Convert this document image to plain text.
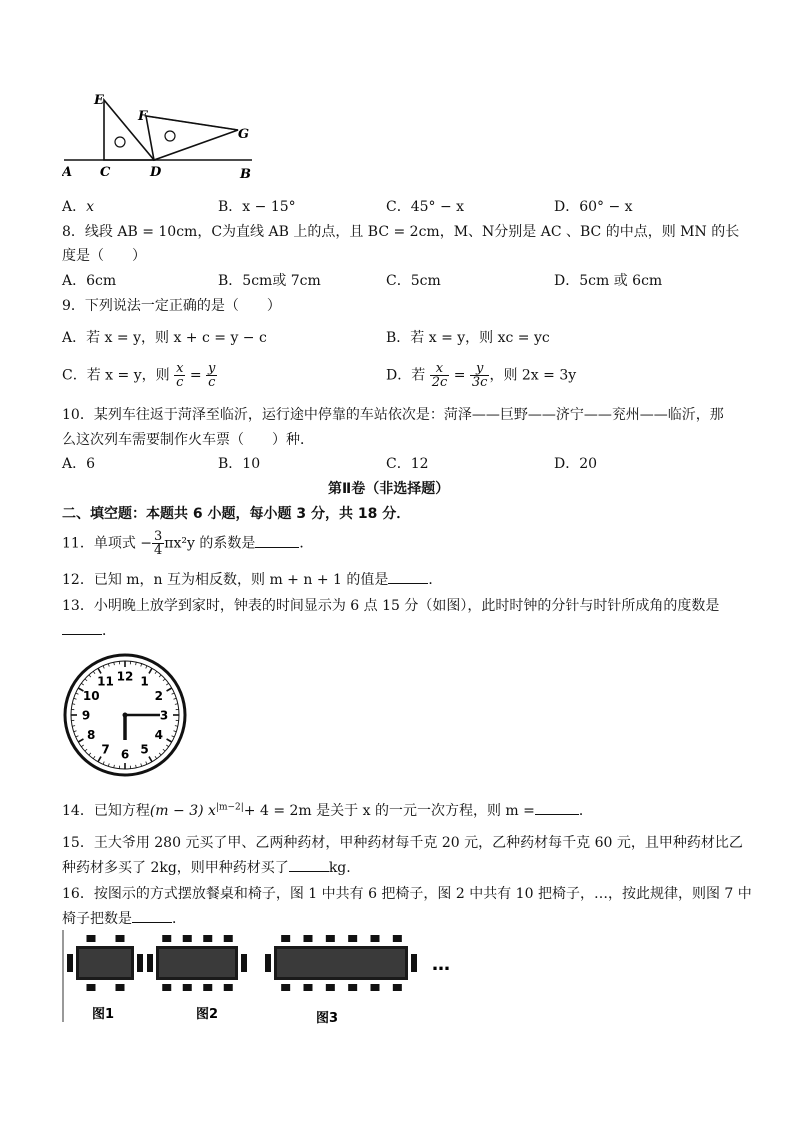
E
F
G
A C	D	B
A．x	B．x − 15°	C．45° − x	D．60° − x
8．线段 AB = 10cm，C为直线 AB 上的点，且 BC = 2cm，M、N分别是 AC 、BC 的中点，则 MN 的长
度是（　　）
A．6cm	B．5cm或 7cm	C．5cm	D．5cm 或 6cm
9．下列说法一定正确的是（　　）
A．若 x = y，则 x + c = y − c	B．若 x = y，则 xc = yc
C．若 x = y，则 $\frac{x}{c} = \frac{y}{c}$	D．若 $\frac{x}{2c} = \frac{y}{3c}$ ，则 2x = 3y
10．某列车往返于菏泽至临沂，运行途中停靠的车站依次是：菏泽——巨野——济宁——兖州——临沂，那
么这次列车需要制作火车票（　　）种．
A．6	B．10	C．12	D．20
第Ⅱ卷（非选择题）
二、填空题：本题共 6 小题，每小题 3 分，共 18 分．
11．单项式 − $\frac{3}{4} \pi x^2y$ 的系数是	．
12．已知 m，n 互为相反数，则 m + n + 1 的值是	．
13．小明晚上放学到家时，钟表的时间显示为 6 点 15 分（如图），此时时钟的分针与时针所成角的度数是
．
12 1
2
3
4
5
6
7
8
9
10
11
14．已知方程(m − 3) $x^{|m-2|}+ 4 = 2m$ 是关于 x 的一元一次方程，则 m =	．
15．王大爷用 280 元买了甲、乙两种药材，甲种药材每千克 20 元，乙种药材每千克 60 元，且甲种药材比乙
种药材多买了 2kg，则甲种药材买了	kg.
16．按图示的方式摆放餐桌和椅子，图 1 中共有 6 把椅子，图 2 中共有 10 把椅子，…，按此规律，则图 7 中
椅子把数是	．
…
图1	图2	图3
